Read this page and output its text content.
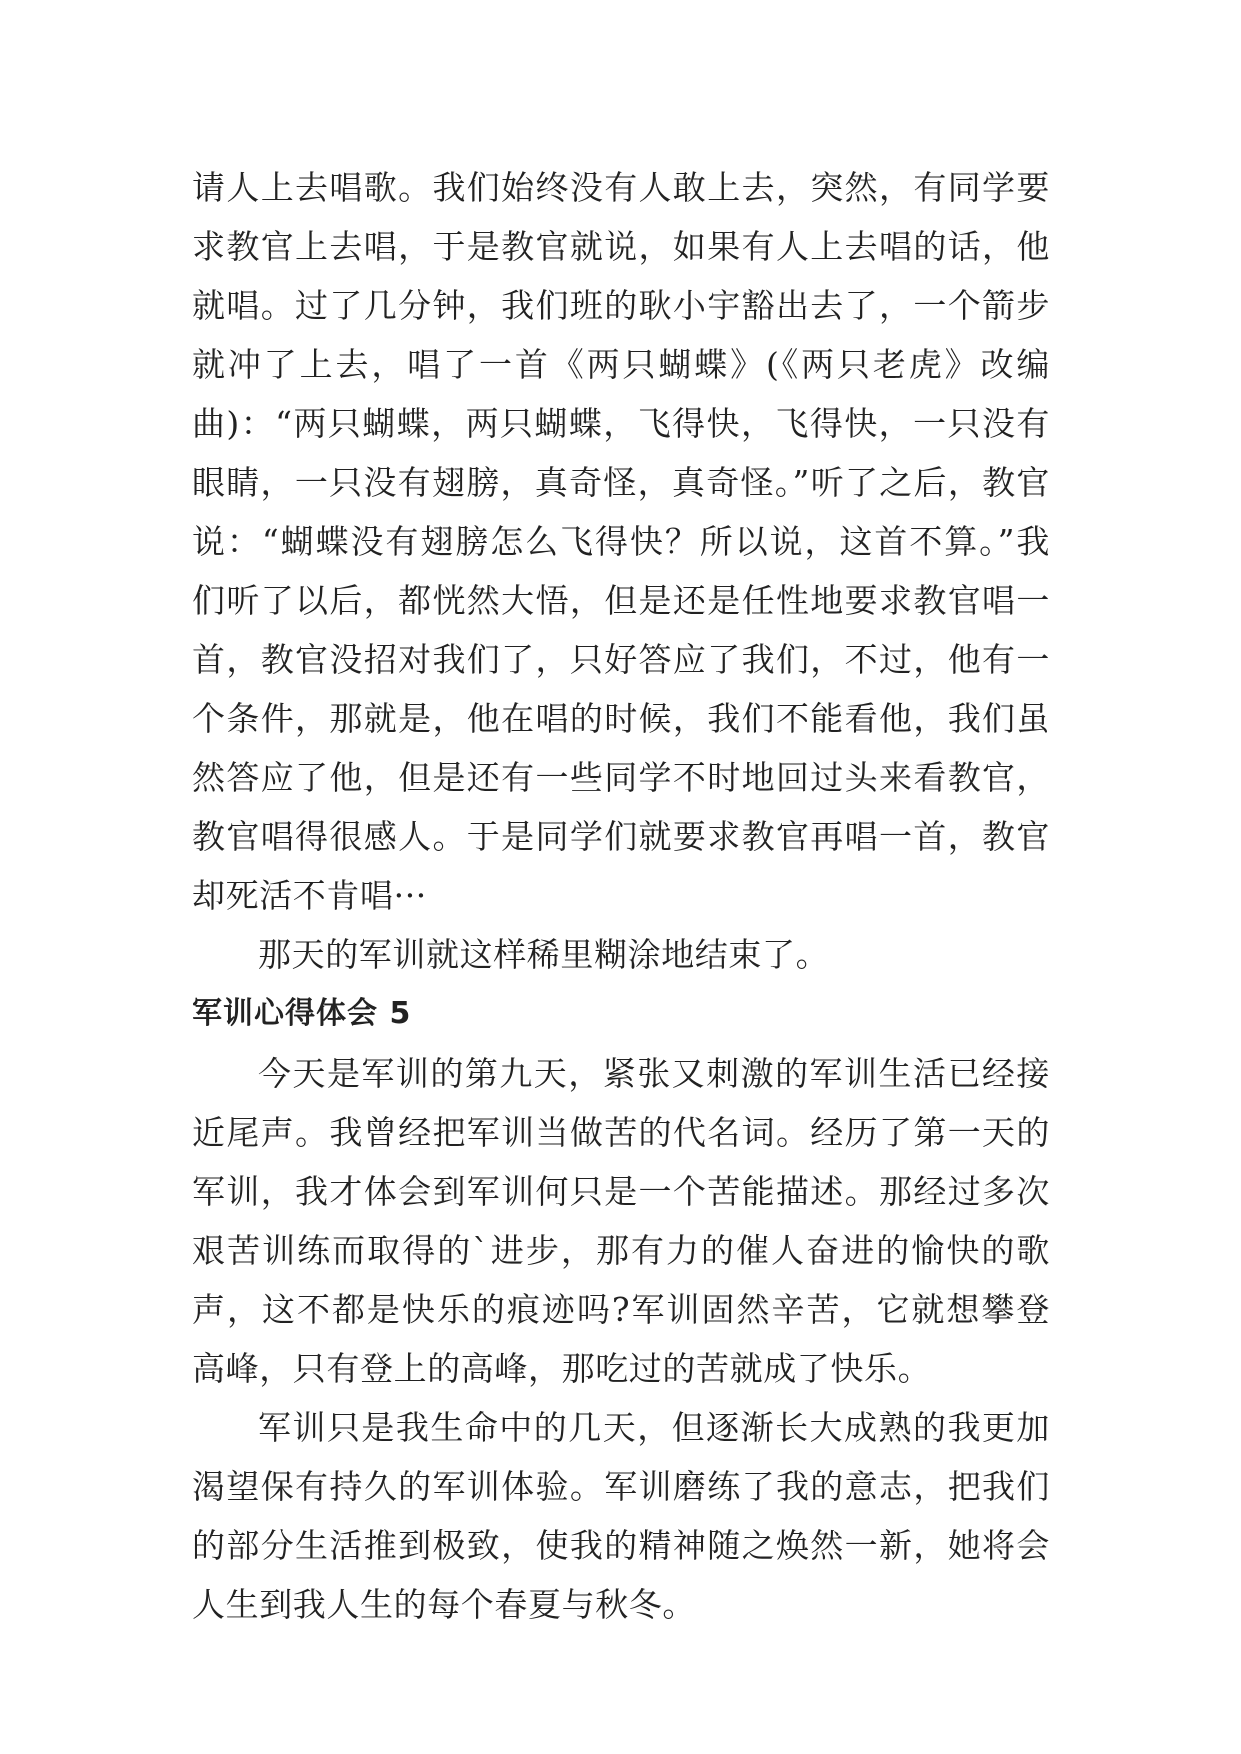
请人上去唱歌。我们始终没有人敢上去，突然，有同学要求教官上去唱，于是教官就说，如果有人上去唱的话，他就唱。过了几分钟，我们班的耿小宇豁出去了，一个箭步就冲了上去，唱了一首《两只蝴蝶》(《两只老虎》改编曲)：“两只蝴蝶，两只蝴蝶，飞得快，飞得快，一只没有眼睛，一只没有翅膀，真奇怪，真奇怪。”听了之后，教官说：“蝴蝶没有翅膀怎么飞得快？所以说，这首不算。”我们听了以后，都恍然大悟，但是还是任性地要求教官唱一首，教官没招对我们了，只好答应了我们，不过，他有一个条件，那就是，他在唱的时候，我们不能看他，我们虽然答应了他，但是还有一些同学不时地回过头来看教官，教官唱得很感人。于是同学们就要求教官再唱一首，教官却死活不肯唱···

那天的军训就这样稀里糊涂地结束了。

军训心得体会 5

今天是军训的第九天，紧张又刺激的军训生活已经接近尾声。我曾经把军训当做苦的代名词。经历了第一天的军训，我才体会到军训何只是一个苦能描述。那经过多次艰苦训练而取得的`进步，那有力的催人奋进的愉快的歌声，这不都是快乐的痕迹吗?军训固然辛苦，它就想攀登高峰，只有登上的高峰，那吃过的苦就成了快乐。

军训只是我生命中的几天，但逐渐长大成熟的我更加渴望保有持久的军训体验。军训磨练了我的意志，把我们的部分生活推到极致，使我的精神随之焕然一新，她将会人生到我人生的每个春夏与秋冬。
